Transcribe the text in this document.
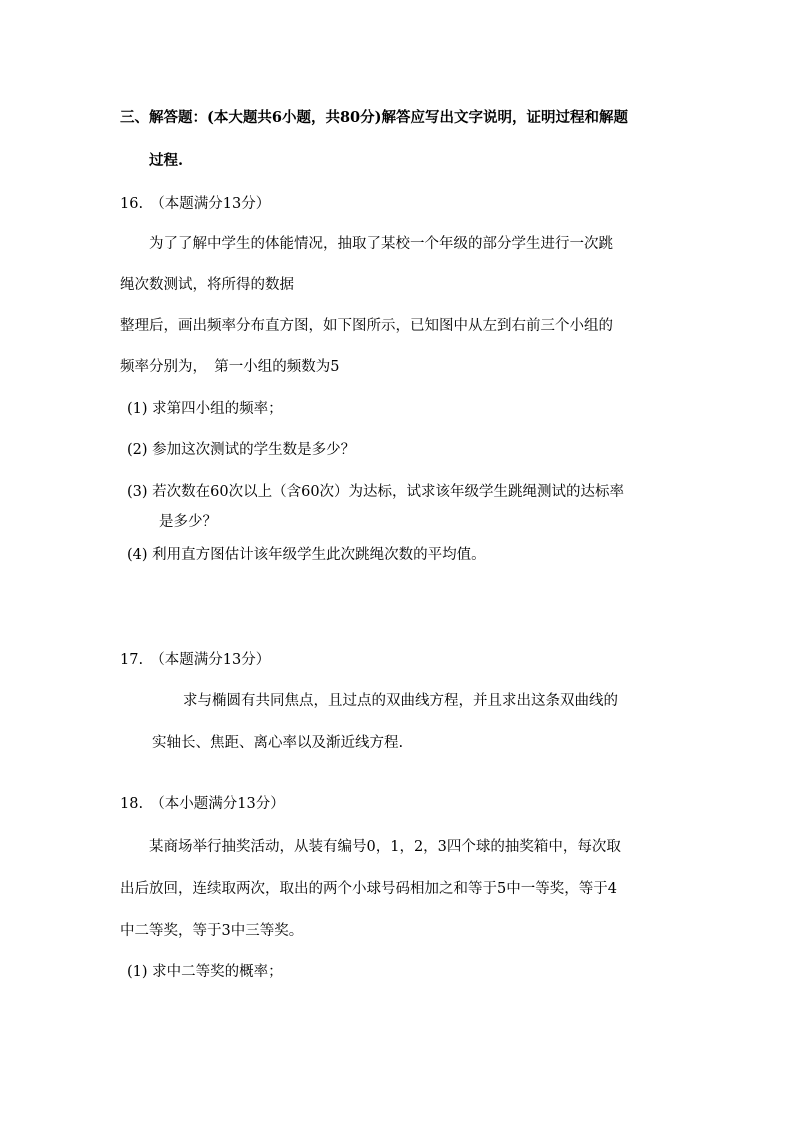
三、解答题：(本大题共6小题，共80分)解答应写出文字说明，证明过程和解题

过程.

16.　（本题满分13分）

为了了解中学生的体能情况，抽取了某校一个年级的部分学生进行一次跳

绳次数测试，将所得的数据

整理后，画出频率分布直方图，如下图所示，已知图中从左到右前三个小组的

频率分别为，　第一小组的频数为5

(1) 求第四小组的频率；

(2) 参加这次测试的学生数是多少？

(3) 若次数在60次以上（含60次）为达标，试求该年级学生跳绳测试的达标率

是多少？

(4) 利用直方图估计该年级学生此次跳绳次数的平均值。

17.　（本题满分13分）

求与椭圆有共同焦点，且过点的双曲线方程，并且求出这条双曲线的

实轴长、焦距、离心率以及渐近线方程.

18.　（本小题满分13分）

某商场举行抽奖活动，从装有编号0，1，2，3四个球的抽奖箱中，每次取

出后放回，连续取两次，取出的两个小球号码相加之和等于5中一等奖，等于4

中二等奖，等于3中三等奖。

(1) 求中二等奖的概率；
